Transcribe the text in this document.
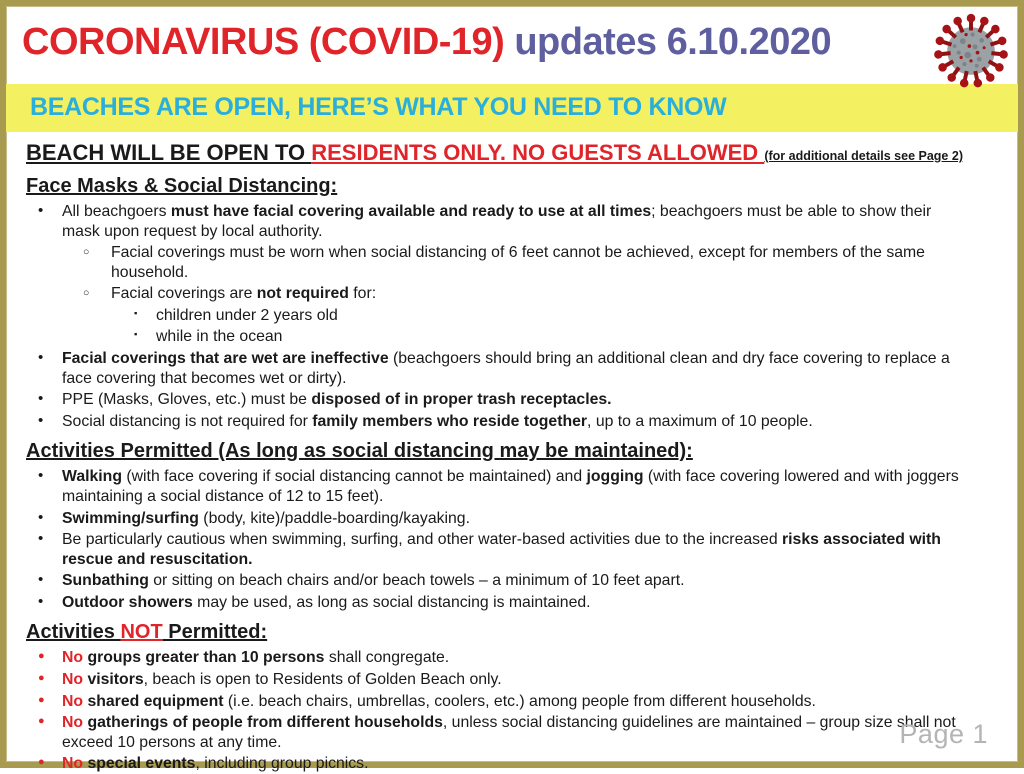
CORONAVIRUS (COVID-19) updates 6.10.2020
BEACHES ARE OPEN, HERE’S WHAT YOU NEED TO KNOW
BEACH WILL BE OPEN TO RESIDENTS ONLY. NO GUESTS ALLOWED (for additional details see Page 2)
Face Masks & Social Distancing:
• All beachgoers must have facial covering available and ready to use at all times; beachgoers must be able to show their mask upon request by local authority.
○ Facial coverings must be worn when social distancing of 6 feet cannot be achieved, except for members of the same household.
○ Facial coverings are not required for:
▪ children under 2 years old
▪ while in the ocean
• Facial coverings that are wet are ineffective (beachgoers should bring an additional clean and dry face covering to replace a face covering that becomes wet or dirty).
• PPE (Masks, Gloves, etc.) must be disposed of in proper trash receptacles.
• Social distancing is not required for family members who reside together, up to a maximum of 10 people.
Activities Permitted (As long as social distancing may be maintained):
• Walking (with face covering if social distancing cannot be maintained) and jogging (with face covering lowered and with joggers maintaining a social distance of 12 to 15 feet).
• Swimming/surfing (body, kite)/paddle-boarding/kayaking.
• Be particularly cautious when swimming, surfing, and other water-based activities due to the increased risks associated with rescue and resuscitation.
• Sunbathing or sitting on beach chairs and/or beach towels – a minimum of 10 feet apart.
• Outdoor showers may be used, as long as social distancing is maintained.
Activities NOT Permitted:
● No groups greater than 10 persons shall congregate.
● No visitors, beach is open to Residents of Golden Beach only.
● No shared equipment (i.e. beach chairs, umbrellas, coolers, etc.) among people from different households.
● No gatherings of people from different households, unless social distancing guidelines are maintained – group size shall not exceed 10 persons at any time.
● No special events, including group picnics.
Page 1
